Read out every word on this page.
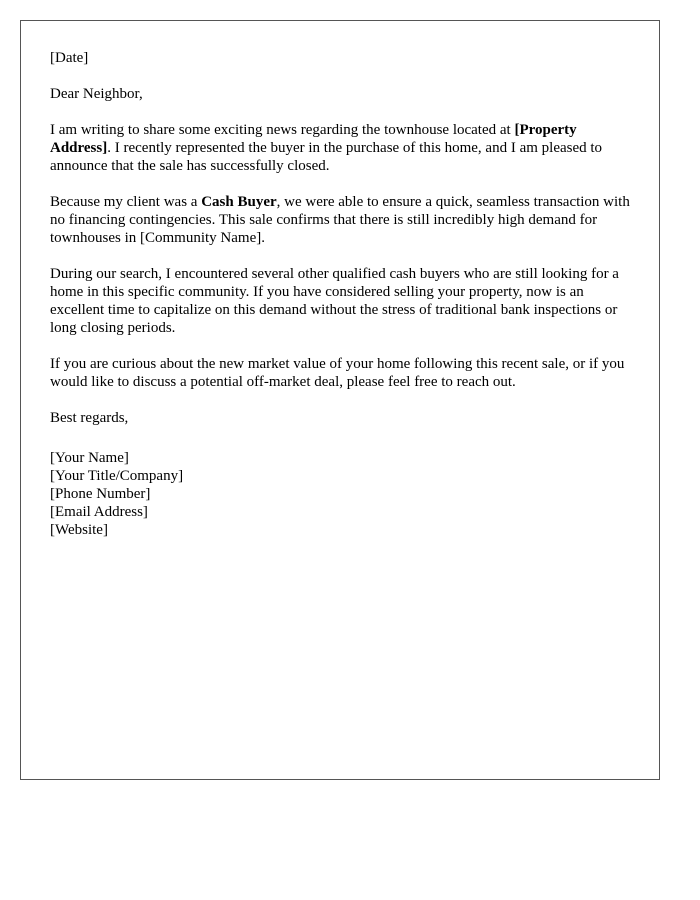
[Date]

Dear Neighbor,

I am writing to share some exciting news regarding the townhouse located at [Property Address]. I recently represented the buyer in the purchase of this home, and I am pleased to announce that the sale has successfully closed.

Because my client was a Cash Buyer, we were able to ensure a quick, seamless transaction with no financing contingencies. This sale confirms that there is still incredibly high demand for townhouses in [Community Name].

During our search, I encountered several other qualified cash buyers who are still looking for a home in this specific community. If you have considered selling your property, now is an excellent time to capitalize on this demand without the stress of traditional bank inspections or long closing periods.

If you are curious about the new market value of your home following this recent sale, or if you would like to discuss a potential off-market deal, please feel free to reach out.

Best regards,

[Your Name]
[Your Title/Company]
[Phone Number]
[Email Address]
[Website]
